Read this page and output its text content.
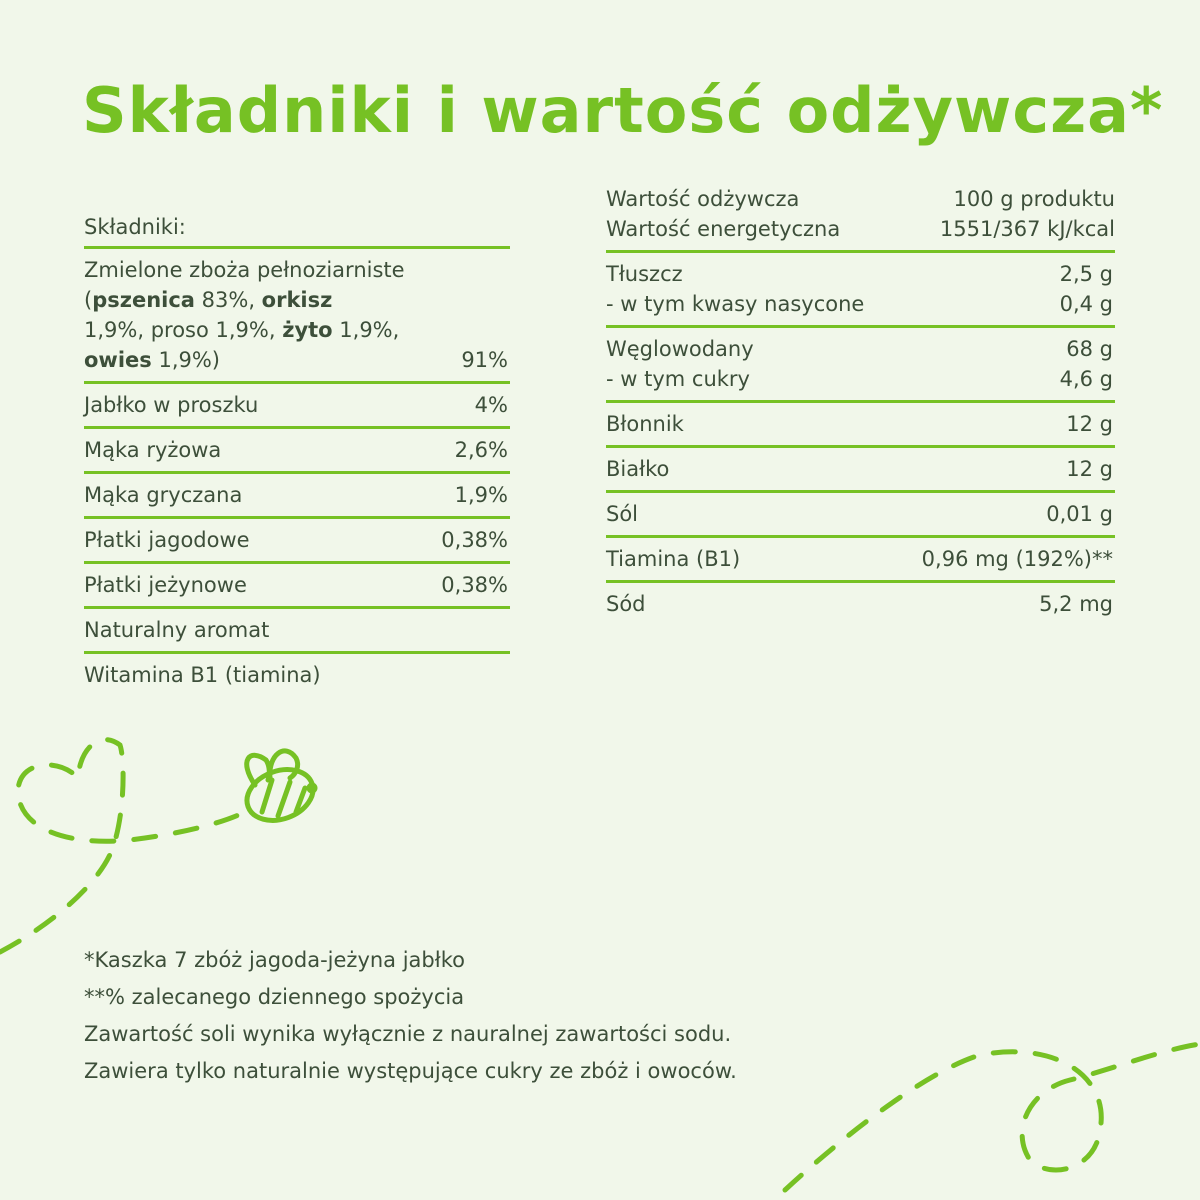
Składniki i wartość odżywcza*
Składniki:
Zmielone zboża pełnoziarniste
(pszenica 83%, orkisz
1,9%, proso 1,9%, żyto 1,9%,
owies 1,9%)	91%
Jabłko w proszku	4%
Mąka ryżowa	2,6%
Mąka gryczana	1,9%
Płatki jagodowe	0,38%
Płatki jeżynowe	0,38%
Naturalny aromat
Witamina B1 (tiamina)
Wartość odżywcza	100 g produktu
Wartość energetyczna	1551/367 kJ/kcal
Tłuszcz	2,5 g
- w tym kwasy nasycone	0,4 g
Węglowodany	68 g
- w tym cukry	4,6 g
Błonnik	12 g
Białko	12 g
Sól	0,01 g
Tiamina (B1)	0,96 mg (192%)**
Sód	5,2 mg
*Kaszka 7 zbóż jagoda-jeżyna jabłko
**% zalecanego dziennego spożycia
Zawartość soli wynika wyłącznie z nauralnej zawartości sodu.
Zawiera tylko naturalnie występujące cukry ze zbóż i owoców.
